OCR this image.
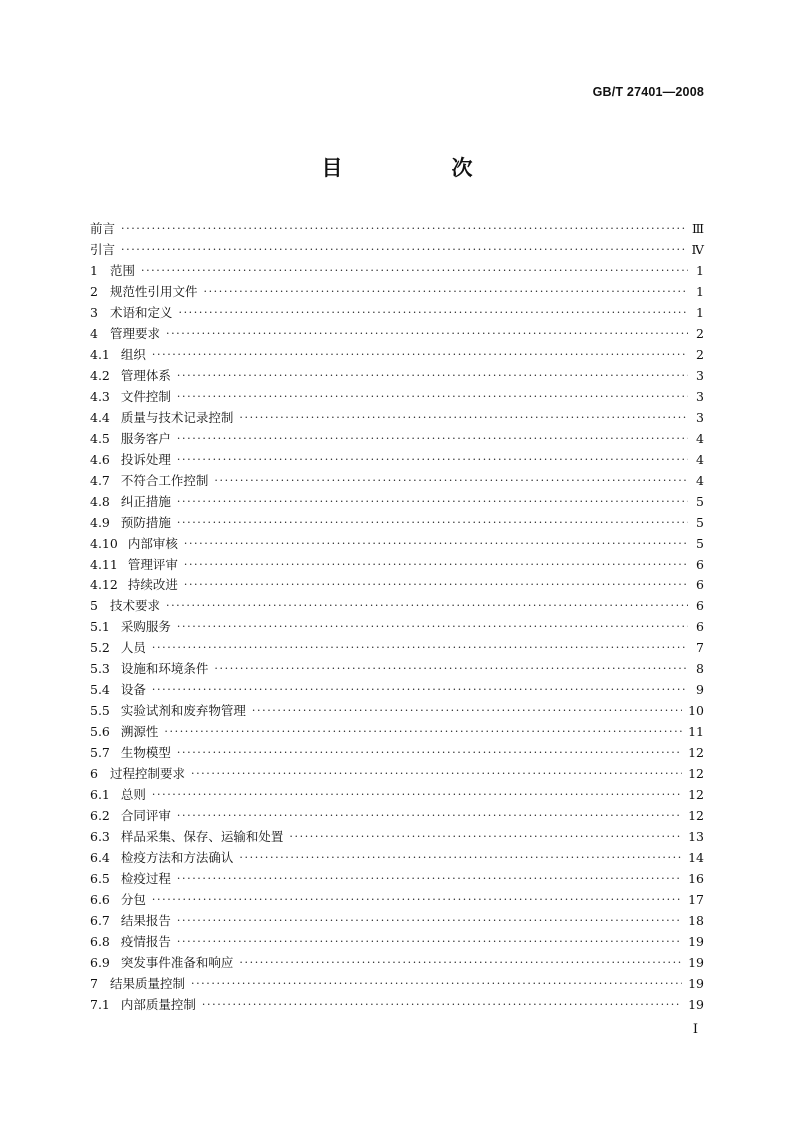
GB/T 27401—2008
目　次
前言 ·····	Ⅲ
引言 ·····	Ⅳ
1 范围 ·····	1
2 规范性引用文件 ·····	1
3 术语和定义 ·····	1
4 管理要求 ·····	2
4.1 组织 ·····	2
4.2 管理体系 ·····	3
4.3 文件控制 ·····	3
4.4 质量与技术记录控制 ·····	3
4.5 服务客户 ·····	4
4.6 投诉处理 ·····	4
4.7 不符合工作控制 ·····	4
4.8 纠正措施 ·····	5
4.9 预防措施 ·····	5
4.10 内部审核 ·····	5
4.11 管理评审 ·····	6
4.12 持续改进 ·····	6
5 技术要求 ·····	6
5.1 采购服务 ·····	6
5.2 人员 ·····	7
5.3 设施和环境条件 ·····	8
5.4 设备 ·····	9
5.5 实验试剂和废弃物管理 ·····	10
5.6 溯源性 ·····	11
5.7 生物模型 ·····	12
6 过程控制要求 ·····	12
6.1 总则 ·····	12
6.2 合同评审 ·····	12
6.3 样品采集、保存、运输和处置 ·····	13
6.4 检疫方法和方法确认 ·····	14
6.5 检疫过程 ·····	16
6.6 分包 ·····	17
6.7 结果报告 ·····	18
6.8 疫情报告 ·····	19
6.9 突发事件准备和响应 ·····	19
7 结果质量控制 ·····	19
7.1 内部质量控制 ·····	19
Ⅰ
